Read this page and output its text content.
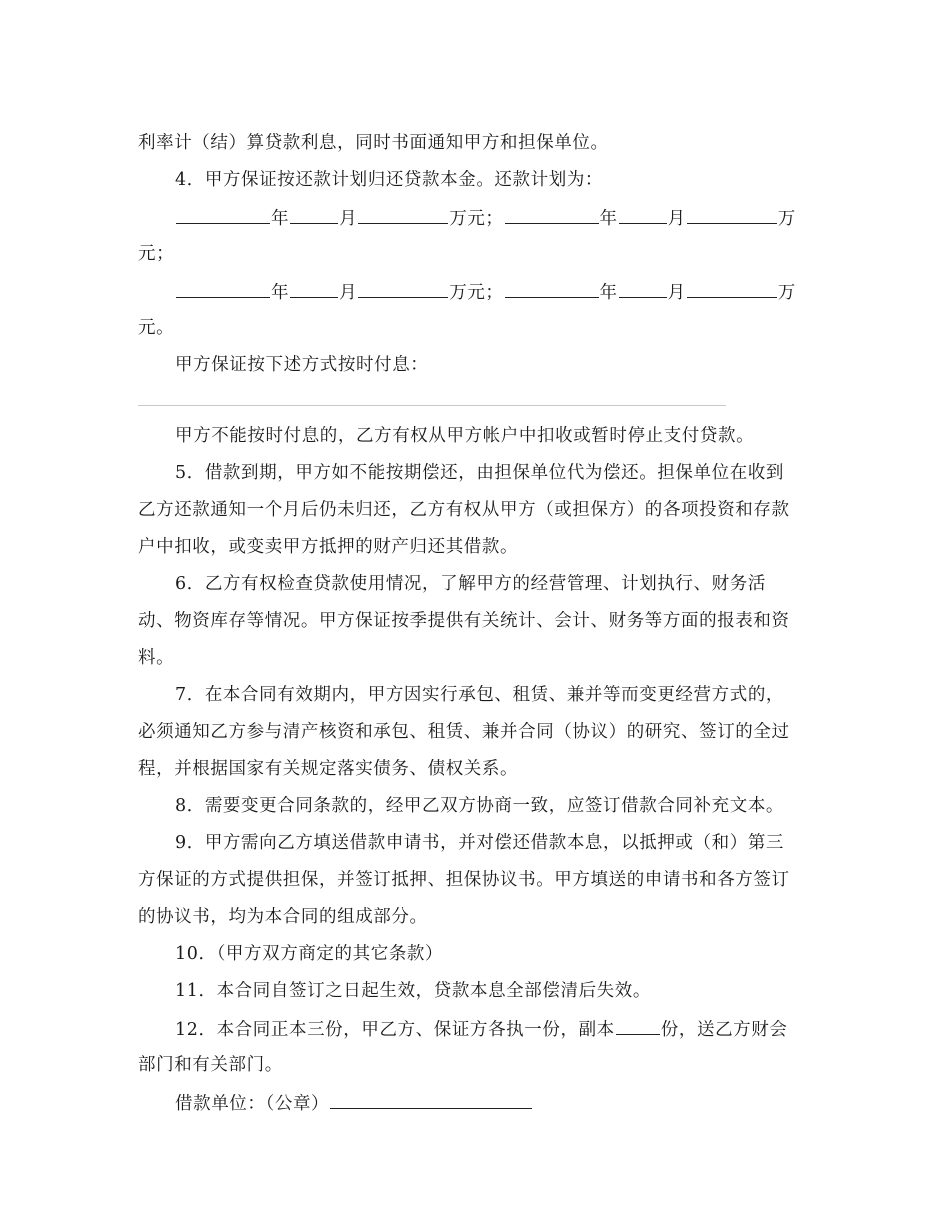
利率计（结）算贷款利息，同时书面通知甲方和担保单位。
4．甲方保证按还款计划归还贷款本金。还款计划为：
年	月	万元；	年	月	万
元；
年	月	万元；	年	月	万
元。
甲方保证按下述方式按时付息：
甲方不能按时付息的，乙方有权从甲方帐户中扣收或暂时停止支付贷款。
5．借款到期，甲方如不能按期偿还，由担保单位代为偿还。担保单位在收到
乙方还款通知一个月后仍未归还，乙方有权从甲方（或担保方）的各项投资和存款
户中扣收，或变卖甲方抵押的财产归还其借款。
6．乙方有权检查贷款使用情况，了解甲方的经营管理、计划执行、财务活
动、物资库存等情况。甲方保证按季提供有关统计、会计、财务等方面的报表和资
料。
7．在本合同有效期内，甲方因实行承包、租赁、兼并等而变更经营方式的，
必须通知乙方参与清产核资和承包、租赁、兼并合同（协议）的研究、签订的全过
程，并根据国家有关规定落实债务、债权关系。
8．需要变更合同条款的，经甲乙双方协商一致，应签订借款合同补充文本。
9．甲方需向乙方填送借款申请书，并对偿还借款本息，以抵押或（和）第三
方保证的方式提供担保，并签订抵押、担保协议书。甲方填送的申请书和各方签订
的协议书，均为本合同的组成部分。
10．（甲方双方商定的其它条款）
11．本合同自签订之日起生效，贷款本息全部偿清后失效。
12．本合同正本三份，甲乙方、保证方各执一份，副本	份，送乙方财会
部门和有关部门。
借款单位：（公章）
